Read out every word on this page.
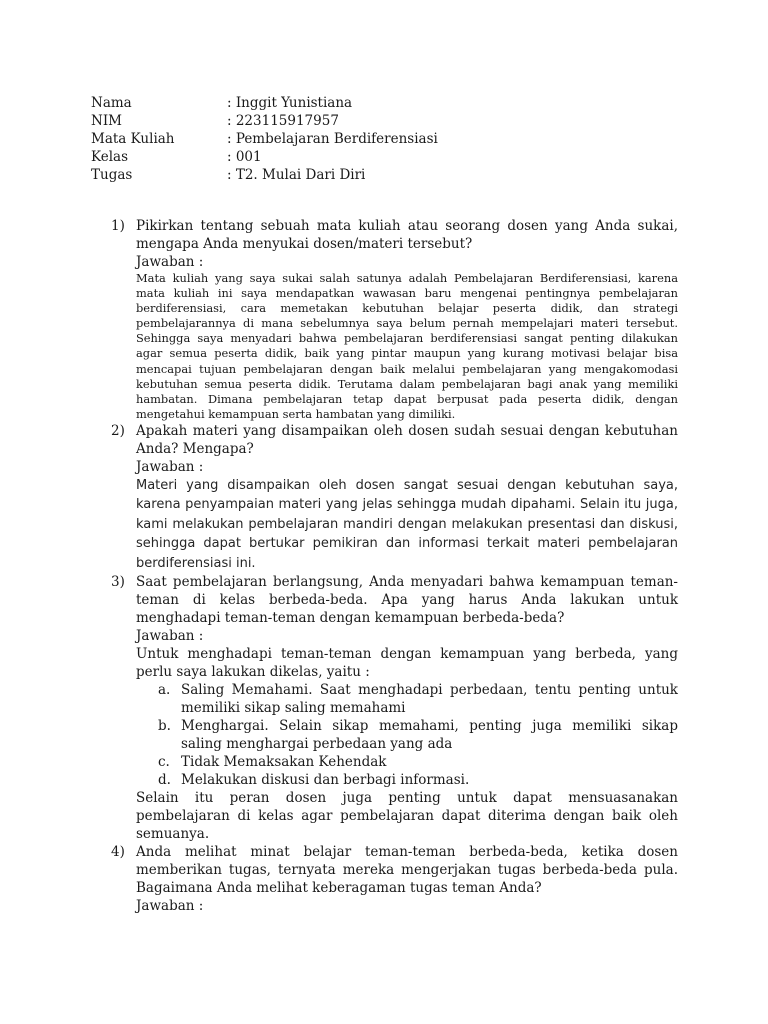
Nama	: Inggit Yunistiana
NIM	: 223115917957
Mata Kuliah	: Pembelajaran Berdiferensiasi
Kelas	: 001
Tugas	: T2. Mulai Dari Diri
1) Pikirkan tentang sebuah mata kuliah atau seorang dosen yang Anda sukai, mengapa Anda menyukai dosen/materi tersebut?
Jawaban :
Mata kuliah yang saya sukai salah satunya adalah Pembelajaran Berdiferensiasi, karena mata kuliah ini saya mendapatkan wawasan baru mengenai pentingnya pembelajaran berdiferensiasi, cara memetakan kebutuhan belajar peserta didik, dan strategi pembelajarannya di mana sebelumnya saya belum pernah mempelajari materi tersebut. Sehingga saya menyadari bahwa pembelajaran berdiferensiasi sangat penting dilakukan agar semua peserta didik, baik yang pintar maupun yang kurang motivasi belajar bisa mencapai tujuan pembelajaran dengan baik melalui pembelajaran yang mengakomodasi kebutuhan semua peserta didik. Terutama dalam pembelajaran bagi anak yang memiliki hambatan. Dimana pembelajaran tetap dapat berpusat pada peserta didik, dengan mengetahui kemampuan serta hambatan yang dimiliki.
2) Apakah materi yang disampaikan oleh dosen sudah sesuai dengan kebutuhan Anda? Mengapa?
Jawaban :
Materi yang disampaikan oleh dosen sangat sesuai dengan kebutuhan saya, karena penyampaian materi yang jelas sehingga mudah dipahami. Selain itu juga, kami melakukan pembelajaran mandiri dengan melakukan presentasi dan diskusi, sehingga dapat bertukar pemikiran dan informasi terkait materi pembelajaran berdiferensiasi ini.
3) Saat pembelajaran berlangsung, Anda menyadari bahwa kemampuan teman-teman di kelas berbeda-beda. Apa yang harus Anda lakukan untuk menghadapi teman-teman dengan kemampuan berbeda-beda?
Jawaban :
Untuk menghadapi teman-teman dengan kemampuan yang berbeda, yang perlu saya lakukan dikelas, yaitu :
a. Saling Memahami. Saat menghadapi perbedaan, tentu penting untuk memiliki sikap saling memahami
b. Menghargai. Selain sikap memahami, penting juga memiliki sikap saling menghargai perbedaan yang ada
c. Tidak Memaksakan Kehendak
d. Melakukan diskusi dan berbagi informasi.
Selain itu peran dosen juga penting untuk dapat mensuasanakan pembelajaran di kelas agar pembelajaran dapat diterima dengan baik oleh semuanya.
4) Anda melihat minat belajar teman-teman berbeda-beda, ketika dosen memberikan tugas, ternyata mereka mengerjakan tugas berbeda-beda pula. Bagaimana Anda melihat keberagaman tugas teman Anda?
Jawaban :
